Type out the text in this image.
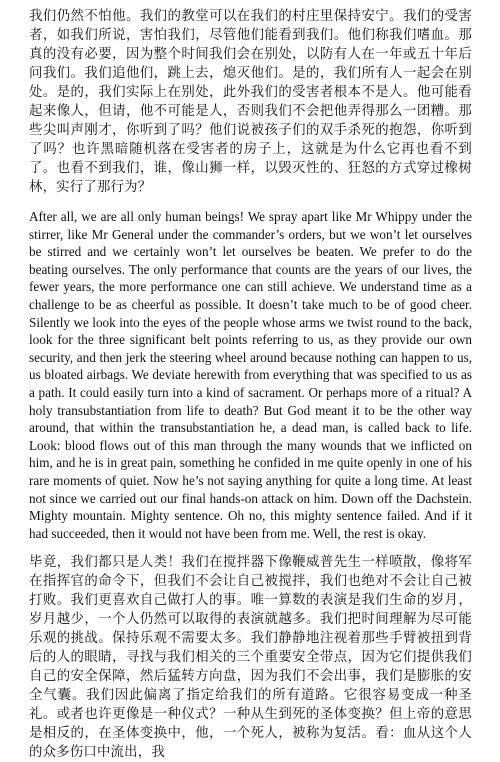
我们仍然不怕他。我们的教堂可以在我们的村庄里保持安宁。我们的受害者，如我们所说，害怕我们，尽管他们能看到我们。他们称我们嗜血。那真的没有必要，因为整个时间我们会在别处，以防有人在一年或五十年后问我们。我们追他们，跳上去，熄灭他们。是的，我们所有人一起会在别处。是的，我们实际上在别处，此外我们的受害者根本不是人。他可能看起来像人，但请，他不可能是人，否则我们不会把他弄得那么一团糟。那些尖叫声刚才，你听到了吗？他们说被孩子们的双手杀死的抱怨，你听到了吗？也许黑暗随机落在受害者的房子上，这就是为什么它再也看不到了。也看不到我们，谁，像山狮一样，以毁灭性的、狂怒的方式穿过橡树林，实行了那行为？

After all, we are all only human beings! We spray apart like Mr Whippy under the stirrer, like Mr General under the commander’s orders, but we won’t let ourselves be stirred and we certainly won’t let ourselves be beaten. We prefer to do the beating ourselves. The only performance that counts are the years of our lives, the fewer years, the more performance one can still achieve. We understand time as a challenge to be as cheerful as possible. It doesn’t take much to be of good cheer. Silently we look into the eyes of the people whose arms we twist round to the back, look for the three significant belt points referring to us, as they provide our own security, and then jerk the steering wheel around because nothing can happen to us, us bloated airbags. We deviate herewith from everything that was specified to us as a path. It could easily turn into a kind of sacrament. Or perhaps more of a ritual? A holy transubstantiation from life to death? But God meant it to be the other way around, that within the transubstantiation he, a dead man, is called back to life. Look: blood flows out of this man through the many wounds that we inflicted on him, and he is in great pain, something he confided in me quite openly in one of his rare moments of quiet. Now he’s not saying anything for quite a long time. At least not since we carried out our final hands-on attack on him. Down off the Dachstein. Mighty mountain. Mighty sentence. Oh no, this mighty sentence failed. And if it had succeeded, then it would not have been from me. Well, the rest is okay.

毕竟，我们都只是人类！我们在搅拌器下像鞭威普先生一样喷散，像将军在指挥官的命令下，但我们不会让自己被搅拌，我们也绝对不会让自己被打败。我们更喜欢自己做打人的事。唯一算数的表演是我们生命的岁月，岁月越少，一个人仍然可以取得的表演就越多。我们把时间理解为尽可能乐观的挑战。保持乐观不需要太多。我们静静地注视着那些手臂被扭到背后的人的眼睛，寻找与我们相关的三个重要安全带点，因为它们提供我们自己的安全保障，然后猛转方向盘，因为我们不会出事，我们是膨胀的安全气囊。我们因此偏离了指定给我们的所有道路。它很容易变成一种圣礼。或者也许更像是一种仪式？一种从生到死的圣体变换？但上帝的意思是相反的，在圣体变换中，他，一个死人，被称为复活。看：血从这个人的众多伤口中流出，我
